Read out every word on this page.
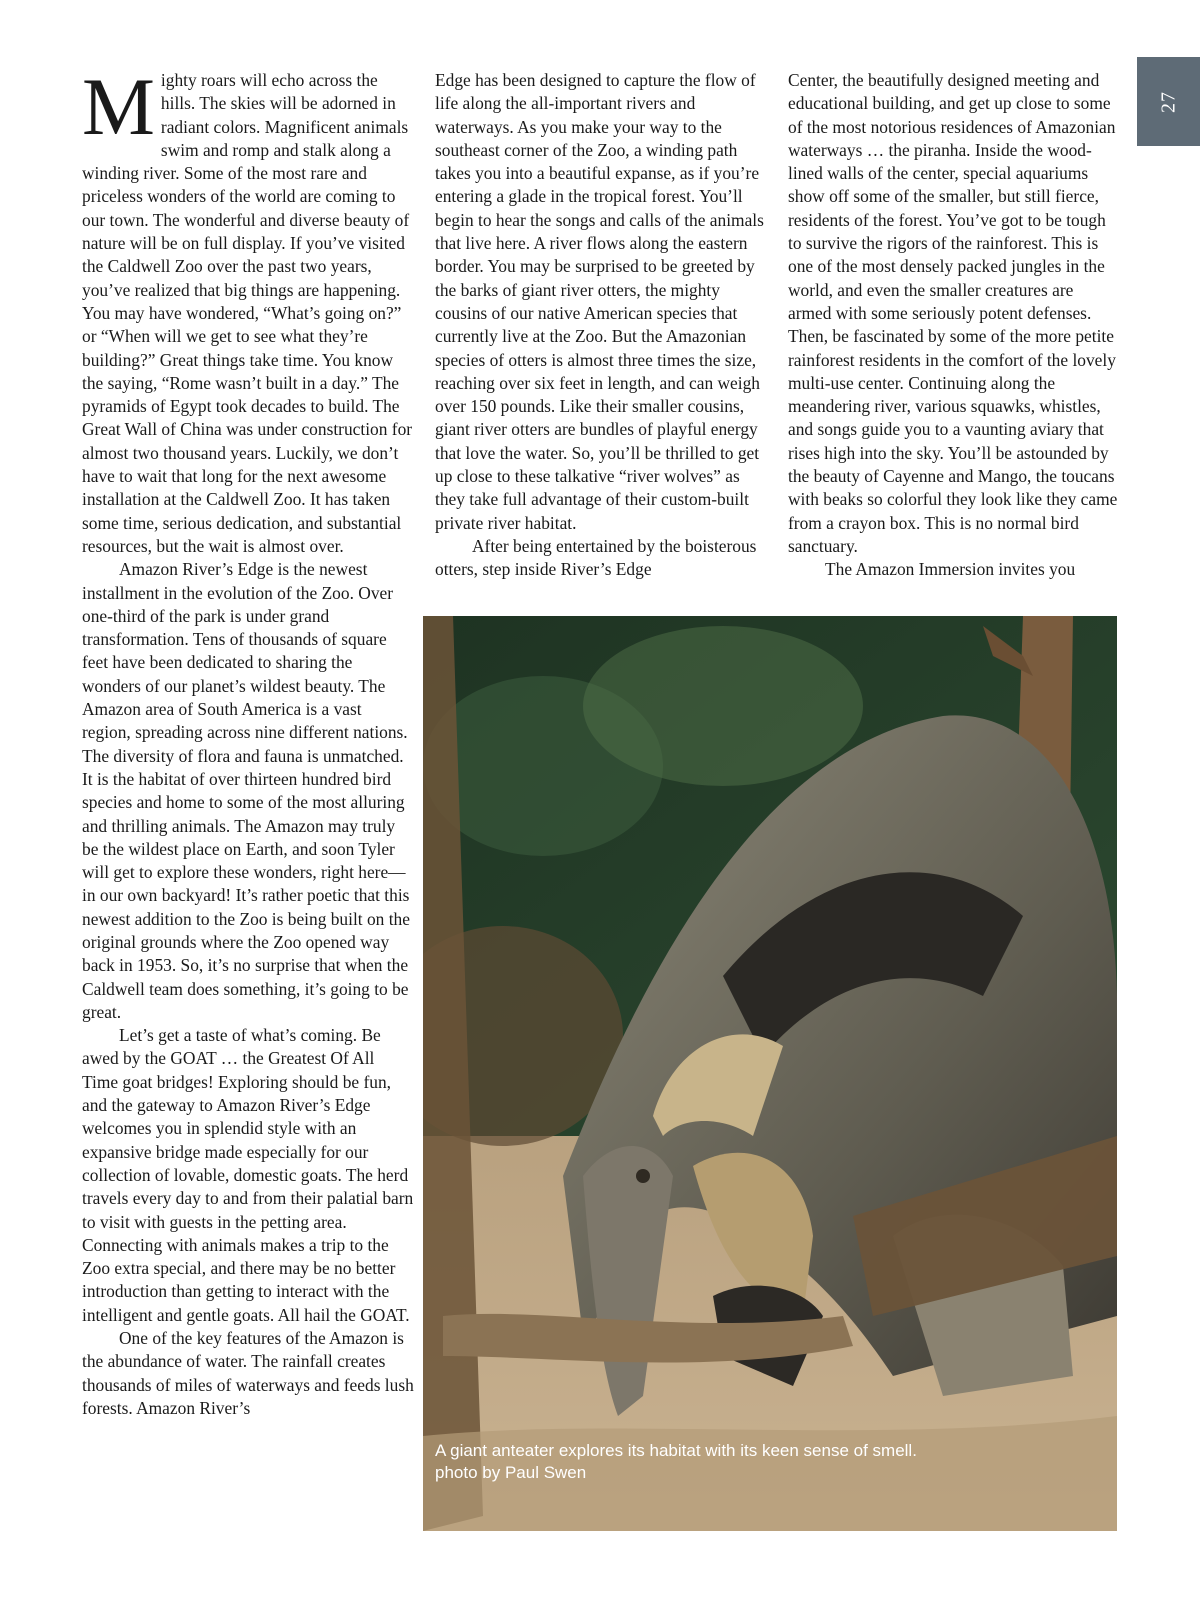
27

Mighty roars will echo across the hills. The skies will be adorned in radiant colors. Magnificent animals swim and romp and stalk along a winding river. Some of the most rare and priceless wonders of the world are coming to our town. The wonderful and diverse beauty of nature will be on full display. If you’ve visited the Caldwell Zoo over the past two years, you’ve realized that big things are happening. You may have wondered, “What’s going on?” or “When will we get to see what they’re building?” Great things take time. You know the saying, “Rome wasn’t built in a day.” The pyramids of Egypt took decades to build. The Great Wall of China was under construction for almost two thousand years. Luckily, we don’t have to wait that long for the next awesome installation at the Caldwell Zoo. It has taken some time, serious dedication, and substantial resources, but the wait is almost over.

Amazon River’s Edge is the newest installment in the evolution of the Zoo. Over one-third of the park is under grand transformation. Tens of thousands of square feet have been dedicated to sharing the wonders of our planet’s wildest beauty. The Amazon area of South America is a vast region, spreading across nine different nations. The diversity of flora and fauna is unmatched. It is the habitat of over thirteen hundred bird species and home to some of the most alluring and thrilling animals. The Amazon may truly be the wildest place on Earth, and soon Tyler will get to explore these wonders, right here—in our own backyard! It’s rather poetic that this newest addition to the Zoo is being built on the original grounds where the Zoo opened way back in 1953. So, it’s no surprise that when the Caldwell team does something, it’s going to be great.

Let’s get a taste of what’s coming. Be awed by the GOAT … the Greatest Of All Time goat bridges! Exploring should be fun, and the gateway to Amazon River’s Edge welcomes you in splendid style with an expansive bridge made especially for our collection of lovable, domestic goats. The herd travels every day to and from their palatial barn to visit with guests in the petting area. Connecting with animals makes a trip to the Zoo extra special, and there may be no better introduction than getting to interact with the intelligent and gentle goats. All hail the GOAT.

One of the key features of the Amazon is the abundance of water. The rainfall creates thousands of miles of waterways and feeds lush forests. Amazon River’s

Edge has been designed to capture the flow of life along the all-important rivers and waterways. As you make your way to the southeast corner of the Zoo, a winding path takes you into a beautiful expanse, as if you’re entering a glade in the tropical forest. You’ll begin to hear the songs and calls of the animals that live here. A river flows along the eastern border. You may be surprised to be greeted by the barks of giant river otters, the mighty cousins of our native American species that currently live at the Zoo. But the Amazonian species of otters is almost three times the size, reaching over six feet in length, and can weigh over 150 pounds. Like their smaller cousins, giant river otters are bundles of playful energy that love the water. So, you’ll be thrilled to get up close to these talkative “river wolves” as they take full advantage of their custom-built private river habitat.

After being entertained by the boisterous otters, step inside River’s Edge

Center, the beautifully designed meeting and educational building, and get up close to some of the most notorious residences of Amazonian waterways … the piranha. Inside the wood-lined walls of the center, special aquariums show off some of the smaller, but still fierce, residents of the forest. You’ve got to be tough to survive the rigors of the rainforest. This is one of the most densely packed jungles in the world, and even the smaller creatures are armed with some seriously potent defenses. Then, be fascinated by some of the more petite rainforest residents in the comfort of the lovely multi-use center. Continuing along the meandering river, various squawks, whistles, and songs guide you to a vaunting aviary that rises high into the sky. You’ll be astounded by the beauty of Cayenne and Mango, the toucans with beaks so colorful they look like they came from a crayon box. This is no normal bird sanctuary.

The Amazon Immersion invites you

A giant anteater explores its habitat with its keen sense of smell.
photo by Paul Swen
